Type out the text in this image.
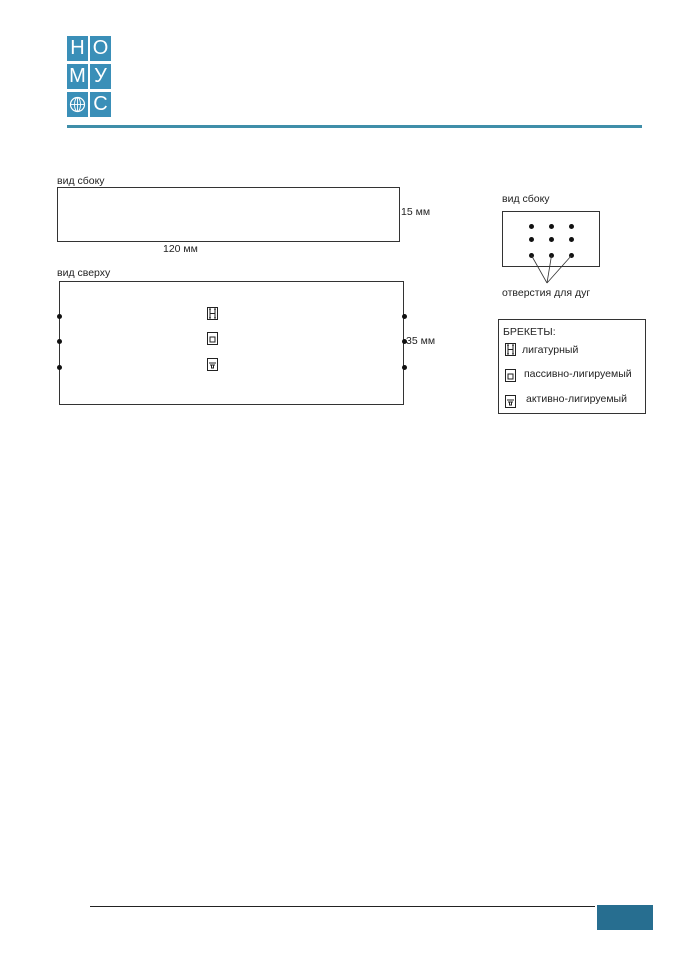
Н О
М У
С
вид сбоку
15 мм
120 мм
вид сверху
35 мм
вид сбоку
отверстия для дуг
БРЕКЕТЫ:
лигатурный
пассивно-лигируемый
активно-лигируемый
